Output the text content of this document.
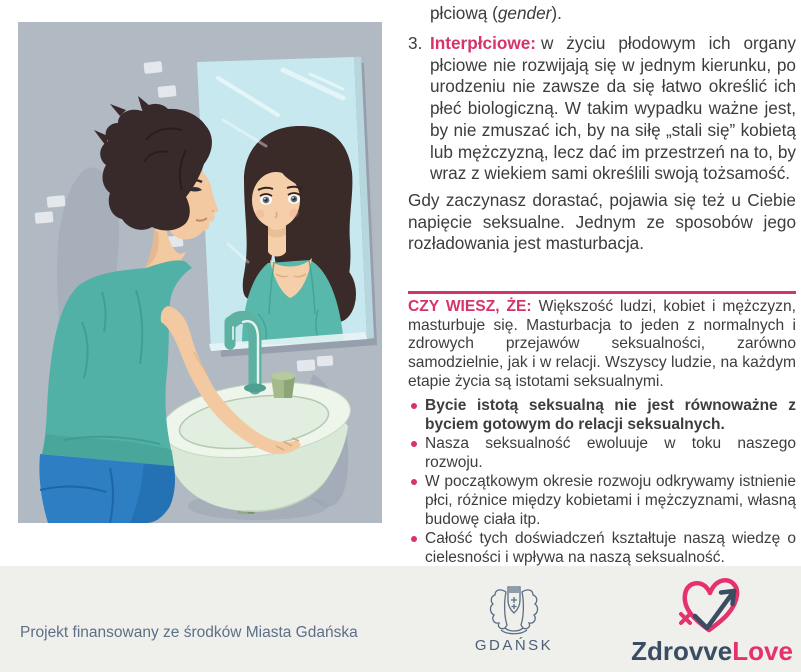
płciową (gender).
3. Interpłciowe: w życiu płodowym ich organy płciowe nie rozwijają się w jednym kierunku, po urodzeniu nie zawsze da się łatwo określić ich płeć biologiczną. W takim wypadku ważne jest, by nie zmuszać ich, by na siłę „stali się” kobietą lub mężczyzną, lecz dać im przestrzeń na to, by wraz z wiekiem sami określili swoją tożsamość.
Gdy zaczynasz dorastać, pojawia się też u Ciebie napięcie seksualne. Jednym ze sposobów jego rozładowania jest masturbacja.
CZY WIESZ, ŻE: Większość ludzi, kobiet i mężczyzn, masturbuje się. Masturbacja to jeden z normalnych i zdrowych przejawów seksualności, zarówno samodzielnie, jak i w relacji. Wszyscy ludzie, na każdym etapie życia są istotami seksualnymi.
Bycie istotą seksualną nie jest równoważne z byciem gotowym do relacji seksualnych.
Nasza seksualność ewoluuje w toku naszego rozwoju.
W początkowym okresie rozwoju odkrywamy istnienie płci, różnice między kobietami i mężczyznami, własną budowę ciała itp.
Całość tych doświadczeń kształtuje naszą wiedzę o cielesności i wpływa na naszą seksualność.
Projekt finansowany ze środków Miasta Gdańska
GDAŃSK	ZdrovveLove
